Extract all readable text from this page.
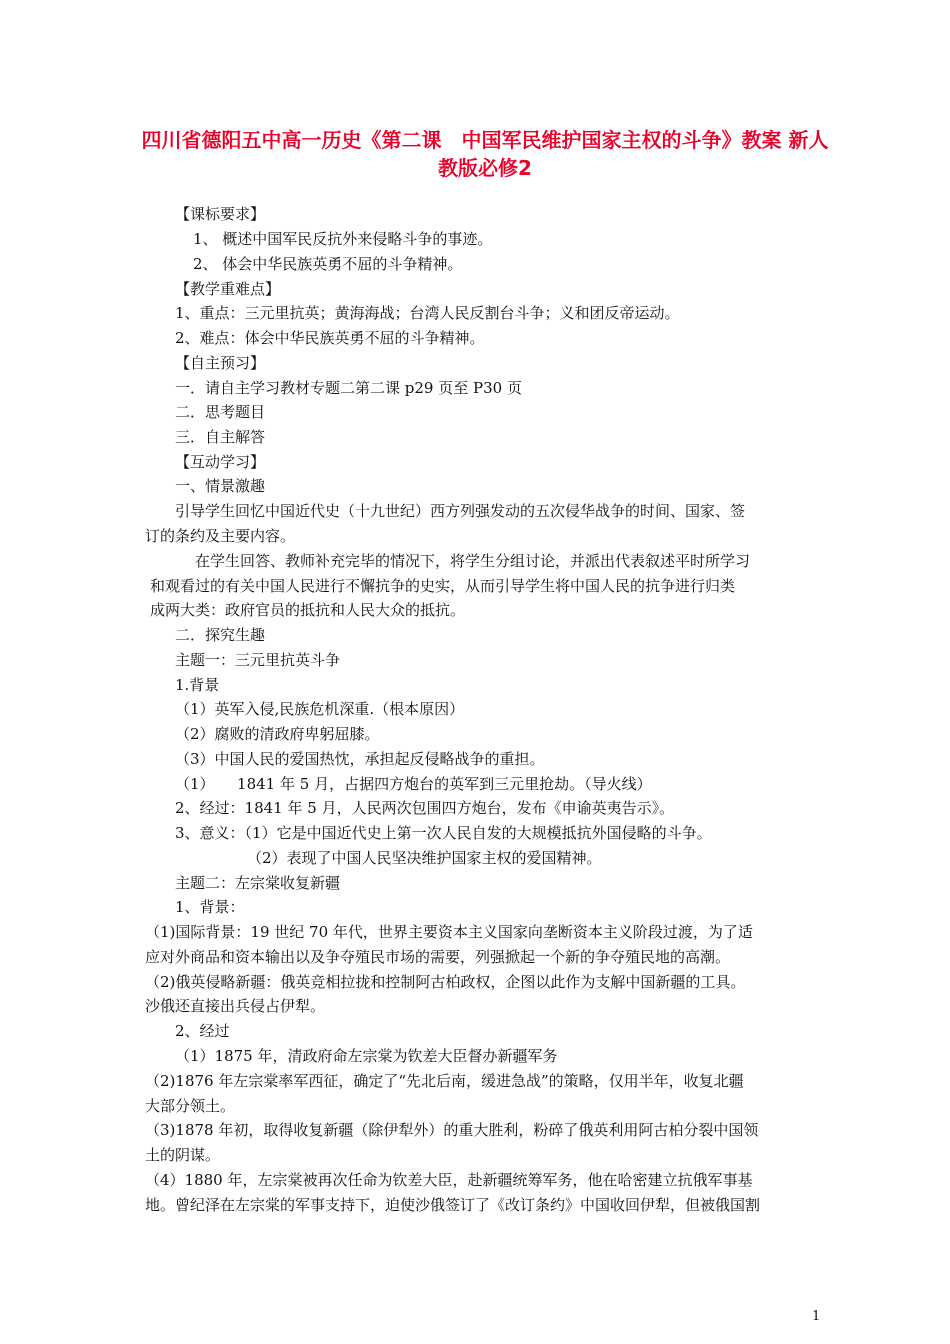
四川省德阳五中高一历史《第二课　中国军民维护国家主权的斗争》教案 新人教版必修2
【课标要求】
1、 概述中国军民反抗外来侵略斗争的事迹。
2、 体会中华民族英勇不屈的斗争精神。
【教学重难点】
1、重点：三元里抗英；黄海海战；台湾人民反割台斗争；义和团反帝运动。
2、难点：体会中华民族英勇不屈的斗争精神。
【自主预习】
一．请自主学习教材专题二第二课 p29 页至 P30 页
二．思考题目
三．自主解答
【互动学习】
一、情景激趣
引导学生回忆中国近代史（十九世纪）西方列强发动的五次侵华战争的时间、国家、签
订的条约及主要内容。
在学生回答、教师补充完毕的情况下，将学生分组讨论，并派出代表叙述平时所学习
和观看过的有关中国人民进行不懈抗争的史实，从而引导学生将中国人民的抗争进行归类
成两大类：政府官员的抵抗和人民大众的抵抗。
二．探究生趣
主题一：三元里抗英斗争
1.背景
（1）英军入侵,民族危机深重.（根本原因）
（2）腐败的清政府卑躬屈膝。
（3）中国人民的爱国热忱，承担起反侵略战争的重担。
（1）　　1841 年 5 月，占据四方炮台的英军到三元里抢劫。（导火线）
2、经过：1841 年 5 月，人民两次包围四方炮台，发布《申谕英夷告示》。
3、意义：（1）它是中国近代史上第一次人民自发的大规模抵抗外国侵略的斗争。
（2）表现了中国人民坚决维护国家主权的爱国精神。
主题二：左宗棠收复新疆
1、背景：
（1)国际背景：19 世纪 70 年代，世界主要资本主义国家向垄断资本主义阶段过渡，为了适
应对外商品和资本输出以及争夺殖民市场的需要，列强掀起一个新的争夺殖民地的高潮。
（2)俄英侵略新疆：俄英竞相拉拢和控制阿古柏政权，企图以此作为支解中国新疆的工具。
沙俄还直接出兵侵占伊犁。
2、经过
（1）1875 年，清政府命左宗棠为钦差大臣督办新疆军务
（2)1876 年左宗棠率军西征，确定了“先北后南，缓进急战”的策略，仅用半年，收复北疆
大部分领土。
（3)1878 年初，取得收复新疆（除伊犁外）的重大胜利，粉碎了俄英利用阿古柏分裂中国领
土的阴谋。
（4）1880 年，左宗棠被再次任命为钦差大臣，赴新疆统筹军务，他在哈密建立抗俄军事基
地。曾纪泽在左宗棠的军事支持下，迫使沙俄签订了《改订条约》中国收回伊犁，但被俄国割
1
